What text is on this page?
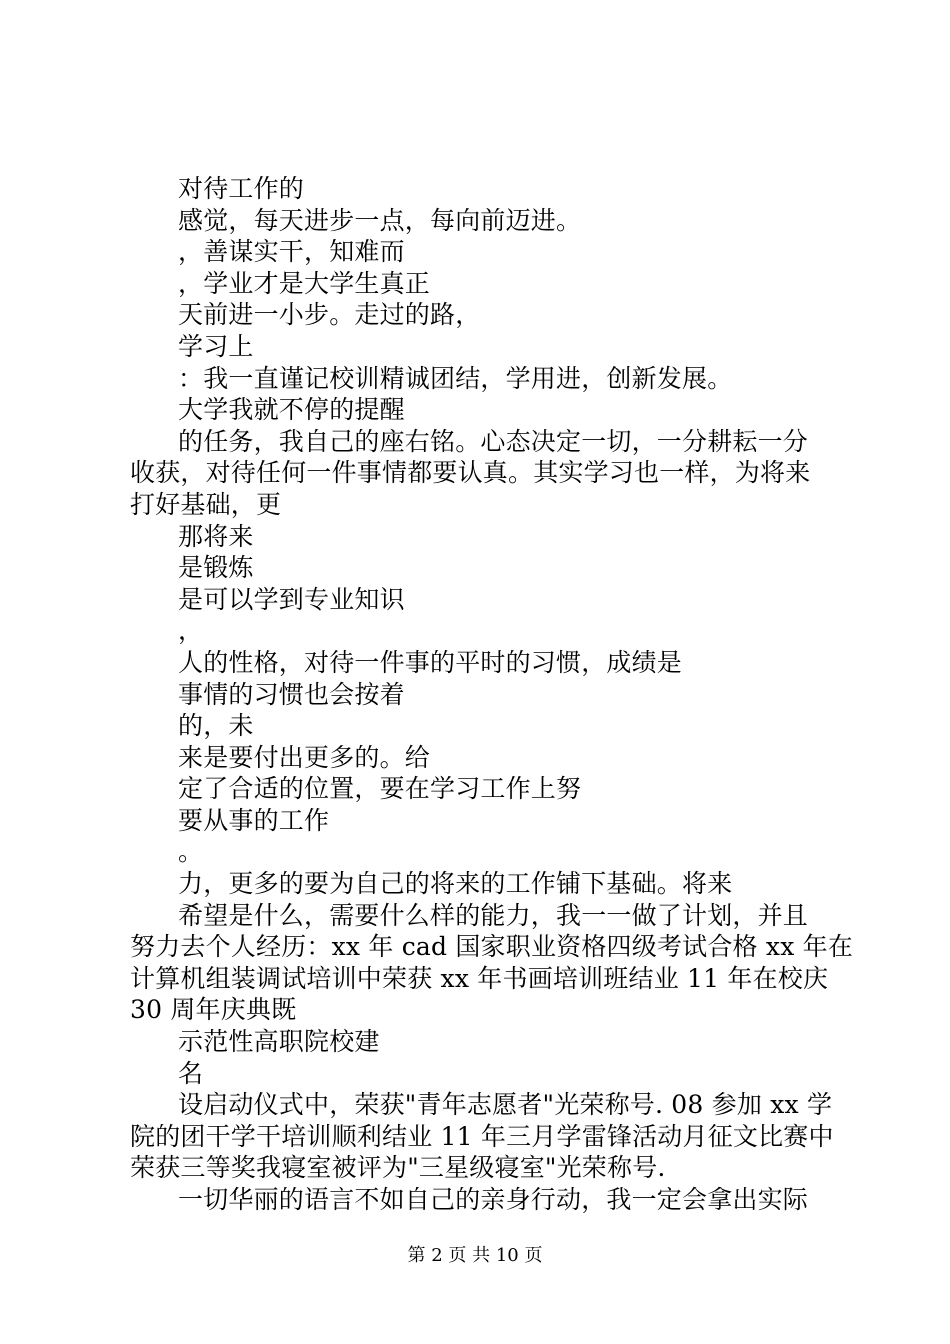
对待工作的
感觉，每天进步一点，每向前迈进。
，善谋实干，知难而
，学业才是大学生真正
天前进一小步。走过的路，
学习上
：我一直谨记校训精诚团结，学用进，创新发展。
大学我就不停的提醒
的任务，我自己的座右铭。心态决定一切，一分耕耘一分
收获，对待任何一件事情都要认真。其实学习也一样，为将来
打好基础，更
那将来
是锻炼
是可以学到专业知识
，
人的性格，对待一件事的平时的习惯，成绩是
事情的习惯也会按着
的，未
来是要付出更多的。给
定了合适的位置，要在学习工作上努
要从事的工作
。
力，更多的要为自己的将来的工作铺下基础。将来
希望是什么，需要什么样的能力，我一一做了计划，并且
努力去个人经历：xx 年 cad 国家职业资格四级考试合格 xx 年在
计算机组装调试培训中荣获 xx 年书画培训班结业 11 年在校庆
30 周年庆典既
示范性高职院校建
名
设启动仪式中，荣获"青年志愿者"光荣称号. 08 参加 xx 学
院的团干学干培训顺利结业 11 年三月学雷锋活动月征文比赛中
荣获三等奖我寝室被评为"三星级寝室"光荣称号.
一切华丽的语言不如自己的亲身行动，我一定会拿出实际
第 2 页 共 10 页
